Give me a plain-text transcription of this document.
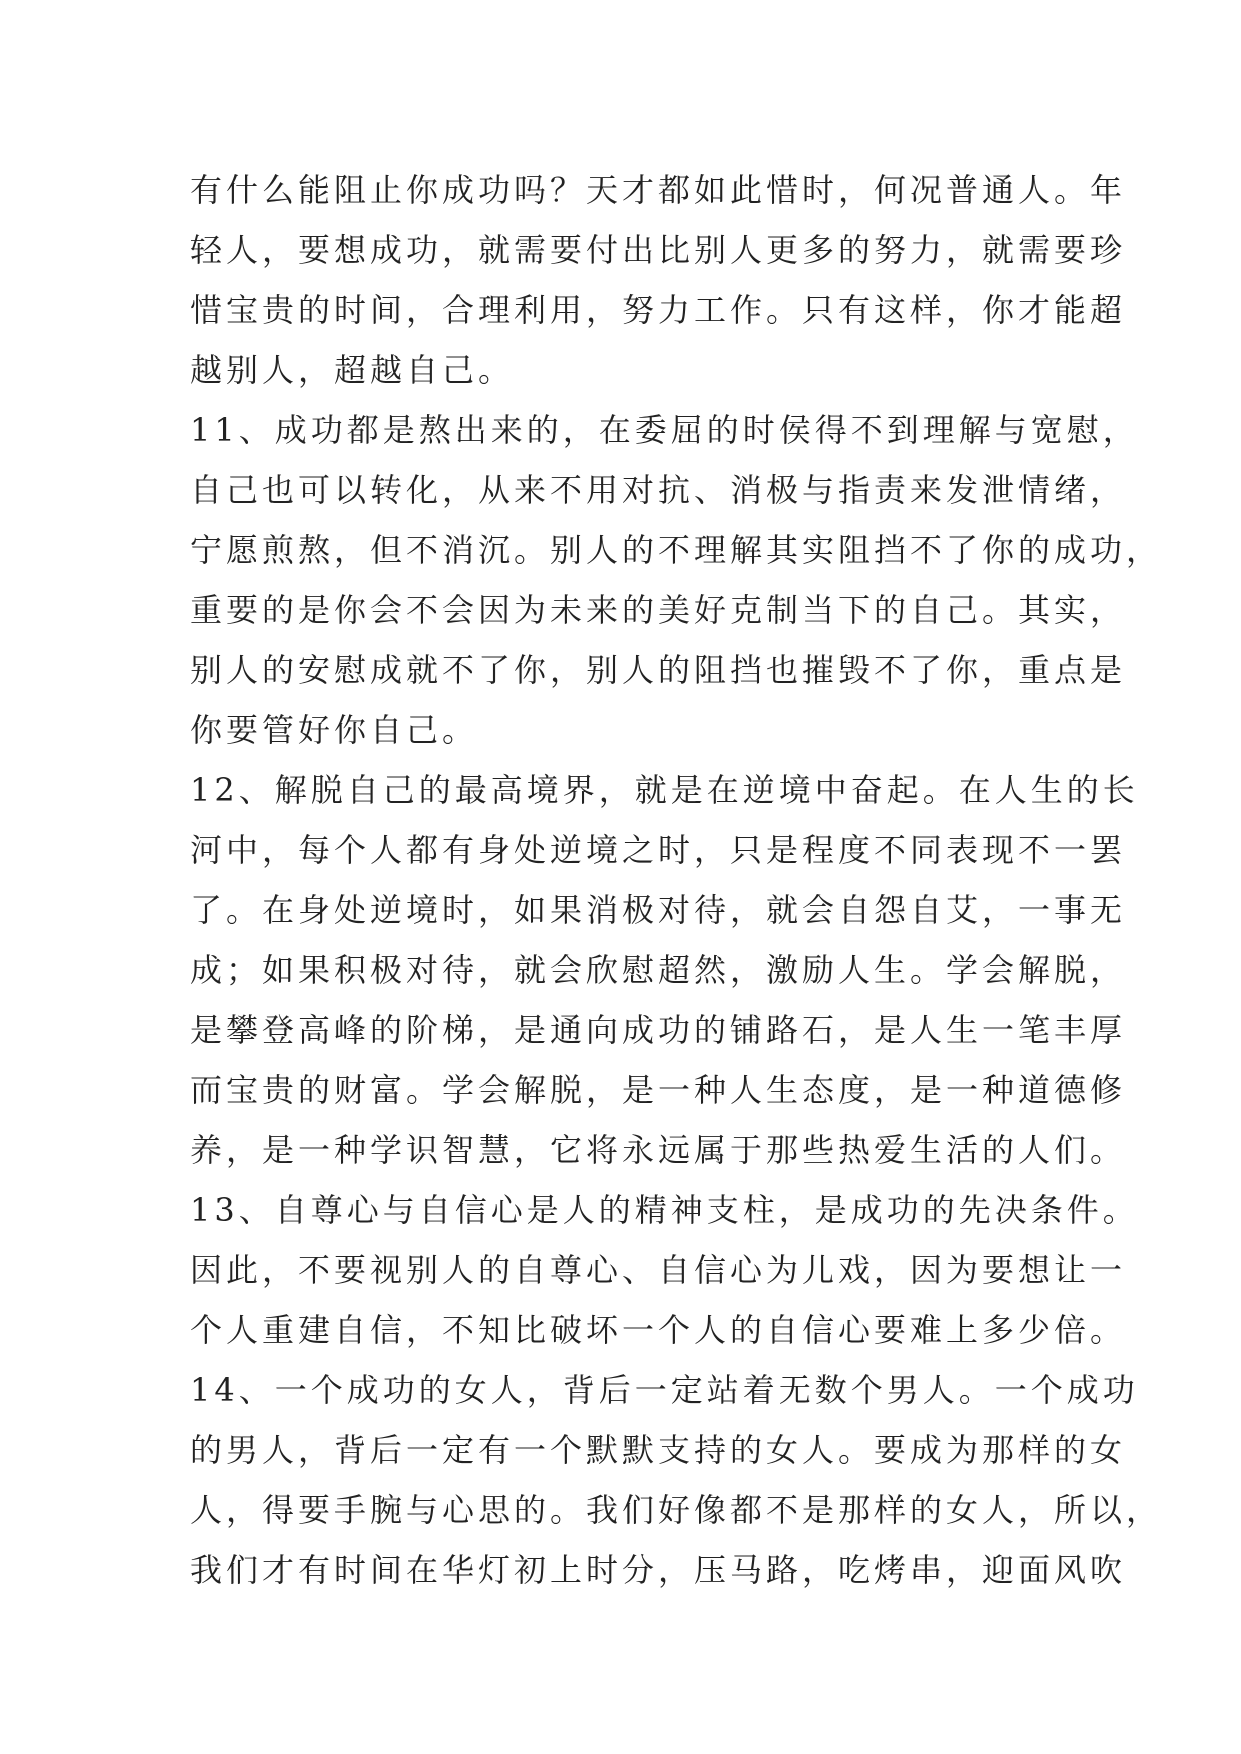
有什么能阻止你成功吗？天才都如此惜时，何况普通人。年
轻人，要想成功，就需要付出比别人更多的努力，就需要珍
惜宝贵的时间，合理利用，努力工作。只有这样，你才能超
越别人，超越自己。
11、成功都是熬出来的，在委屈的时侯得不到理解与宽慰，
自己也可以转化，从来不用对抗、消极与指责来发泄情绪，
宁愿煎熬，但不消沉。别人的不理解其实阻挡不了你的成功，
重要的是你会不会因为未来的美好克制当下的自己。其实，
别人的安慰成就不了你，别人的阻挡也摧毁不了你，重点是
你要管好你自己。
12、解脱自己的最高境界，就是在逆境中奋起。在人生的长
河中，每个人都有身处逆境之时，只是程度不同表现不一罢
了。在身处逆境时，如果消极对待，就会自怨自艾，一事无
成；如果积极对待，就会欣慰超然，激励人生。学会解脱，
是攀登高峰的阶梯，是通向成功的铺路石，是人生一笔丰厚
而宝贵的财富。学会解脱，是一种人生态度，是一种道德修
养，是一种学识智慧，它将永远属于那些热爱生活的人们。
13、自尊心与自信心是人的精神支柱，是成功的先决条件。
因此，不要视别人的自尊心、自信心为儿戏，因为要想让一
个人重建自信，不知比破坏一个人的自信心要难上多少倍。
14、一个成功的女人，背后一定站着无数个男人。一个成功
的男人，背后一定有一个默默支持的女人。要成为那样的女
人，得要手腕与心思的。我们好像都不是那样的女人，所以，
我们才有时间在华灯初上时分，压马路，吃烤串，迎面风吹
